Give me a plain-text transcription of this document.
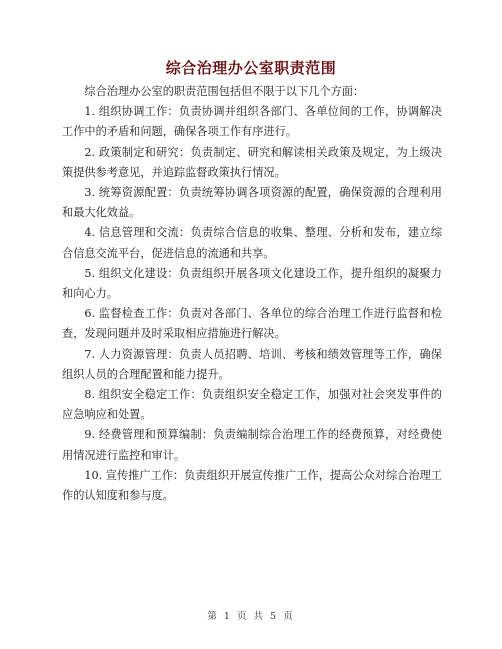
综合治理办公室职责范围

综合治理办公室的职责范围包括但不限于以下几个方面：

1. 组织协调工作：负责协调并组织各部门、各单位间的工作，协调解决工作中的矛盾和问题，确保各项工作有序进行。

2. 政策制定和研究：负责制定、研究和解读相关政策及规定，为上级决策提供参考意见，并追踪监督政策执行情况。

3. 统筹资源配置：负责统筹协调各项资源的配置，确保资源的合理利用和最大化效益。

4. 信息管理和交流：负责综合信息的收集、整理、分析和发布，建立综合信息交流平台，促进信息的流通和共享。

5. 组织文化建设：负责组织开展各项文化建设工作，提升组织的凝聚力和向心力。

6. 监督检查工作：负责对各部门、各单位的综合治理工作进行监督和检查，发现问题并及时采取相应措施进行解决。

7. 人力资源管理：负责人员招聘、培训、考核和绩效管理等工作，确保组织人员的合理配置和能力提升。

8. 组织安全稳定工作：负责组织安全稳定工作，加强对社会突发事件的应急响应和处置。

9. 经费管理和预算编制：负责编制综合治理工作的经费预算，对经费使用情况进行监控和审计。

10. 宣传推广工作：负责组织开展宣传推广工作，提高公众对综合治理工作的认知度和参与度。

第 1 页 共 5 页
